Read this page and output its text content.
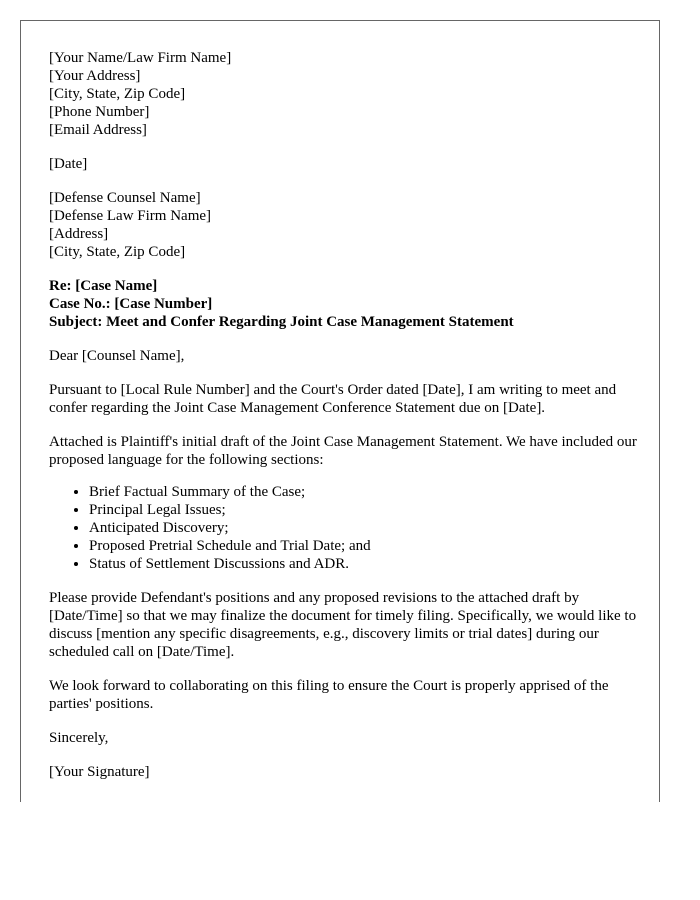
[Your Name/Law Firm Name]
[Your Address]
[City, State, Zip Code]
[Phone Number]
[Email Address]
[Date]
[Defense Counsel Name]
[Defense Law Firm Name]
[Address]
[City, State, Zip Code]
Re: [Case Name]
Case No.: [Case Number]
Subject: Meet and Confer Regarding Joint Case Management Statement

Dear [Counsel Name],

Pursuant to [Local Rule Number] and the Court's Order dated [Date], I am writing to meet and confer regarding the Joint Case Management Conference Statement due on [Date].

Attached is Plaintiff's initial draft of the Joint Case Management Statement. We have included our proposed language for the following sections:

• Brief Factual Summary of the Case;
• Principal Legal Issues;
• Anticipated Discovery;
• Proposed Pretrial Schedule and Trial Date; and
• Status of Settlement Discussions and ADR.

Please provide Defendant's positions and any proposed revisions to the attached draft by [Date/Time] so that we may finalize the document for timely filing. Specifically, we would like to discuss [mention any specific disagreements, e.g., discovery limits or trial dates] during our scheduled call on [Date/Time].

We look forward to collaborating on this filing to ensure the Court is properly apprised of the parties' positions.

Sincerely,

[Your Signature]
